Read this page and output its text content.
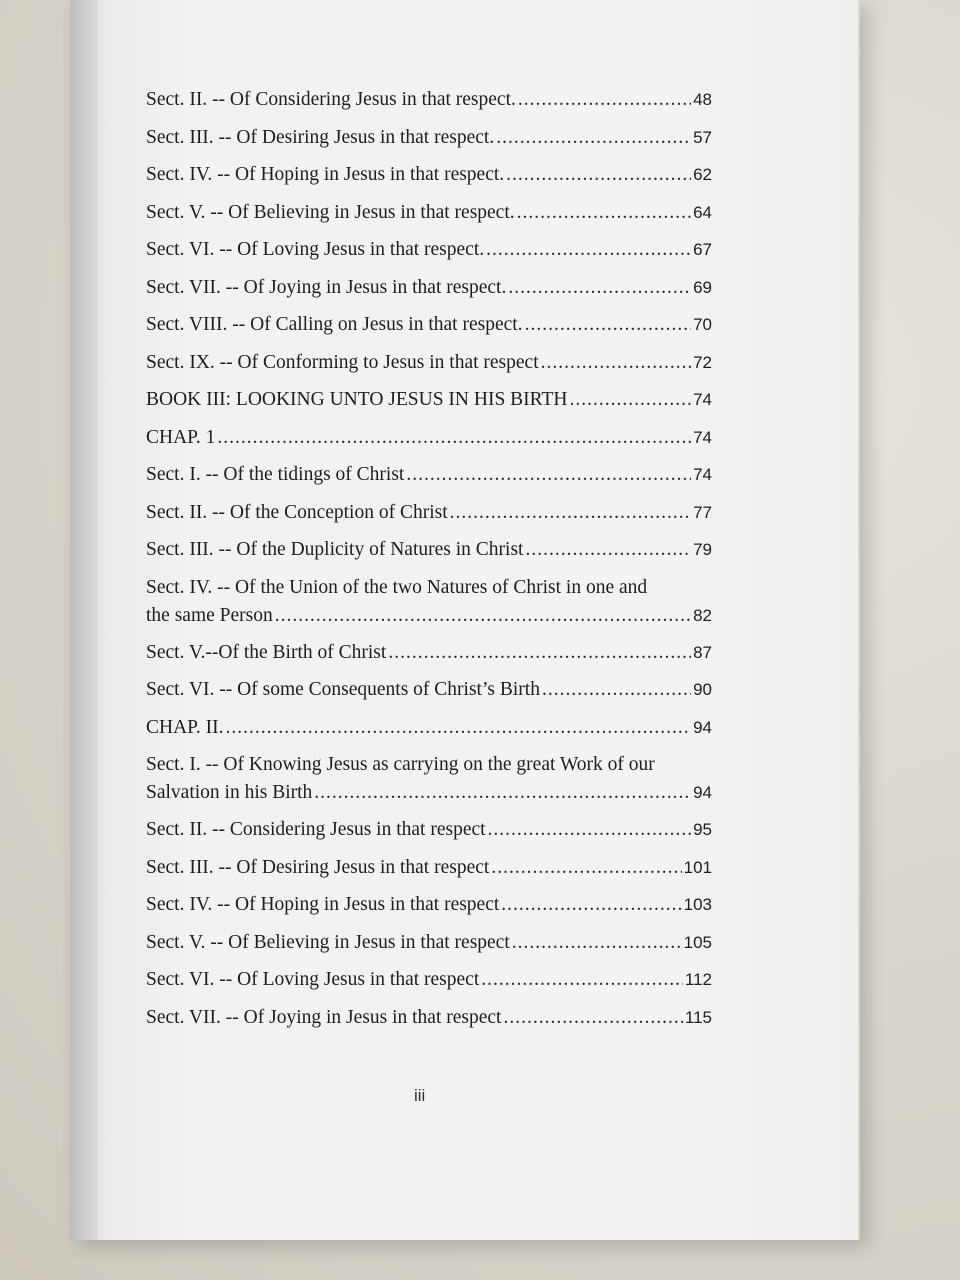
Sect. II. -- Of Considering Jesus in that respect. .....	48
Sect. III. -- Of Desiring Jesus in that respect. .....	57
Sect. IV. -- Of Hoping in Jesus in that respect. .....	62
Sect. V. -- Of Believing in Jesus in that respect. .....	64
Sect. VI. -- Of Loving Jesus in that respect. .....	67
Sect. VII. -- Of Joying in Jesus in that respect. .....	69
Sect. VIII. -- Of Calling on Jesus in that respect. .....	70
Sect. IX. -- Of Conforming to Jesus in that respect .....	72
BOOK III: LOOKING UNTO JESUS IN HIS BIRTH .....	74
CHAP. 1 .....	74
Sect. I. -- Of the tidings of Christ .....	74
Sect. II. -- Of the Conception of Christ .....	77
Sect. III. -- Of the Duplicity of Natures in Christ .....	79
Sect. IV. -- Of the Union of the two Natures of Christ in one and
the same Person .....	82
Sect. V.--Of the Birth of Christ .....	87
Sect. VI. -- Of some Consequents of Christ’s Birth .....	90
CHAP. II. .....	94
Sect. I. -- Of Knowing Jesus as carrying on the great Work of our
Salvation in his Birth .....	94
Sect. II. -- Considering Jesus in that respect .....	95
Sect. III. -- Of Desiring Jesus in that respect .....	101
Sect. IV. -- Of Hoping in Jesus in that respect .....	103
Sect. V. -- Of Believing in Jesus in that respect .....	105
Sect. VI. -- Of Loving Jesus in that respect .....	112
Sect. VII. -- Of Joying in Jesus in that respect .....	115
iii
